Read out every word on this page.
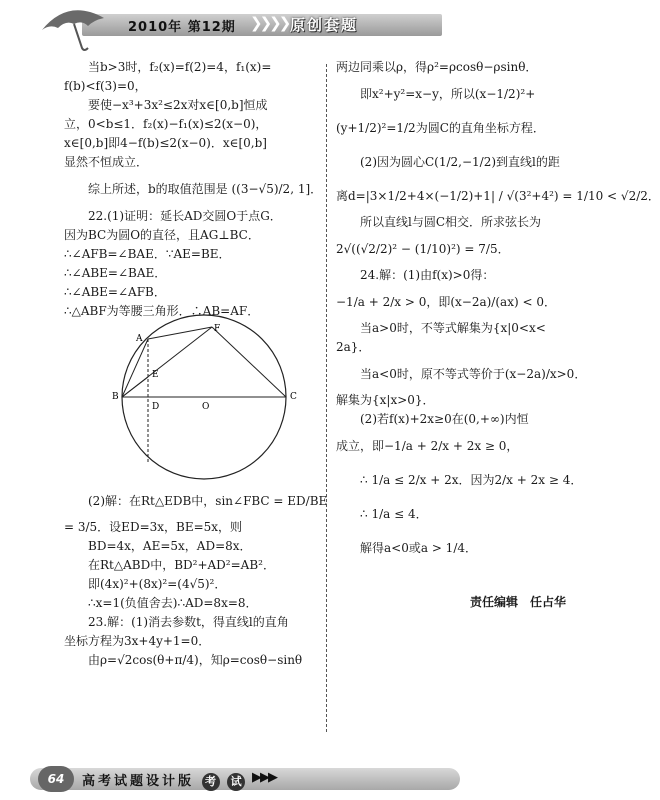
2010年 第12期 ❯❯❯❯ 原创套题
当b>3时，f₂(x)=f(2)=4，f₁(x)=
f(b)<f(3)=0，
要使−x³+3x²≤2x对x∈[0,b]恒成
立，0<b≤1．f₂(x)−f₁(x)≤2(x−0)，
x∈[0,b]即4−f(b)≤2(x−0)．x∈[0,b]
显然不恒成立．
综上所述，b的取值范围是 ((3−√5)/2, 1]．
22.(1)证明：延长AD交圆O于点G．
因为BC为圆O的直径，且AG⊥BC．
∴∠AFB=∠BAE．∵AE=BE．
∴∠ABE=∠BAE．
∴∠ABE=∠AFB．
∴△ABF为等腰三角形．∴AB=AF．
A
F
E
B
D	O
C
(2)解：在Rt△EDB中，sin∠FBC = ED/BE
= 3/5．设ED=3x，BE=5x，则
BD=4x，AE=5x，AD=8x．
在Rt△ABD中，BD²+AD²=AB²．
即(4x)²+(8x)²=(4√5)²．
∴x=1(负值舍去)∴AD=8x=8．
23.解：(1)消去参数t，得直线l的直角
坐标方程为3x+4y+1=0．
由ρ=√2cos(θ+π/4)，知ρ=cosθ−sinθ
两边同乘以ρ，得ρ²=ρcosθ−ρsinθ．
即x²+y²=x−y，所以(x−1/2)²+
(y+1/2)²=1/2为圆C的直角坐标方程．
(2)因为圆心C(1/2,−1/2)到直线l的距
离d=|3×1/2+4×(−1/2)+1| / √(3²+4²) = 1/10 < √2/2．
所以直线l与圆C相交．所求弦长为
2√((√2/2)² − (1/10)²) = 7/5．
24.解：(1)由f(x)>0得：
−1/a + 2/x > 0，即(x−2a)/(ax) < 0．
当a>0时，不等式解集为{x|0<x<
2a}．
当a<0时，原不等式等价于(x−2a)/x>0．
解集为{x|x>0}．
(2)若f(x)+2x≥0在(0,+∞)内恒
成立，即−1/a + 2/x + 2x ≥ 0，
∴ 1/a ≤ 2/x + 2x．因为2/x + 2x ≥ 4．
∴ 1/a ≤ 4．
解得a<0或a > 1/4．
责任编辑　任占华
64	高考试题设计版 考 试 ▶▶▶
